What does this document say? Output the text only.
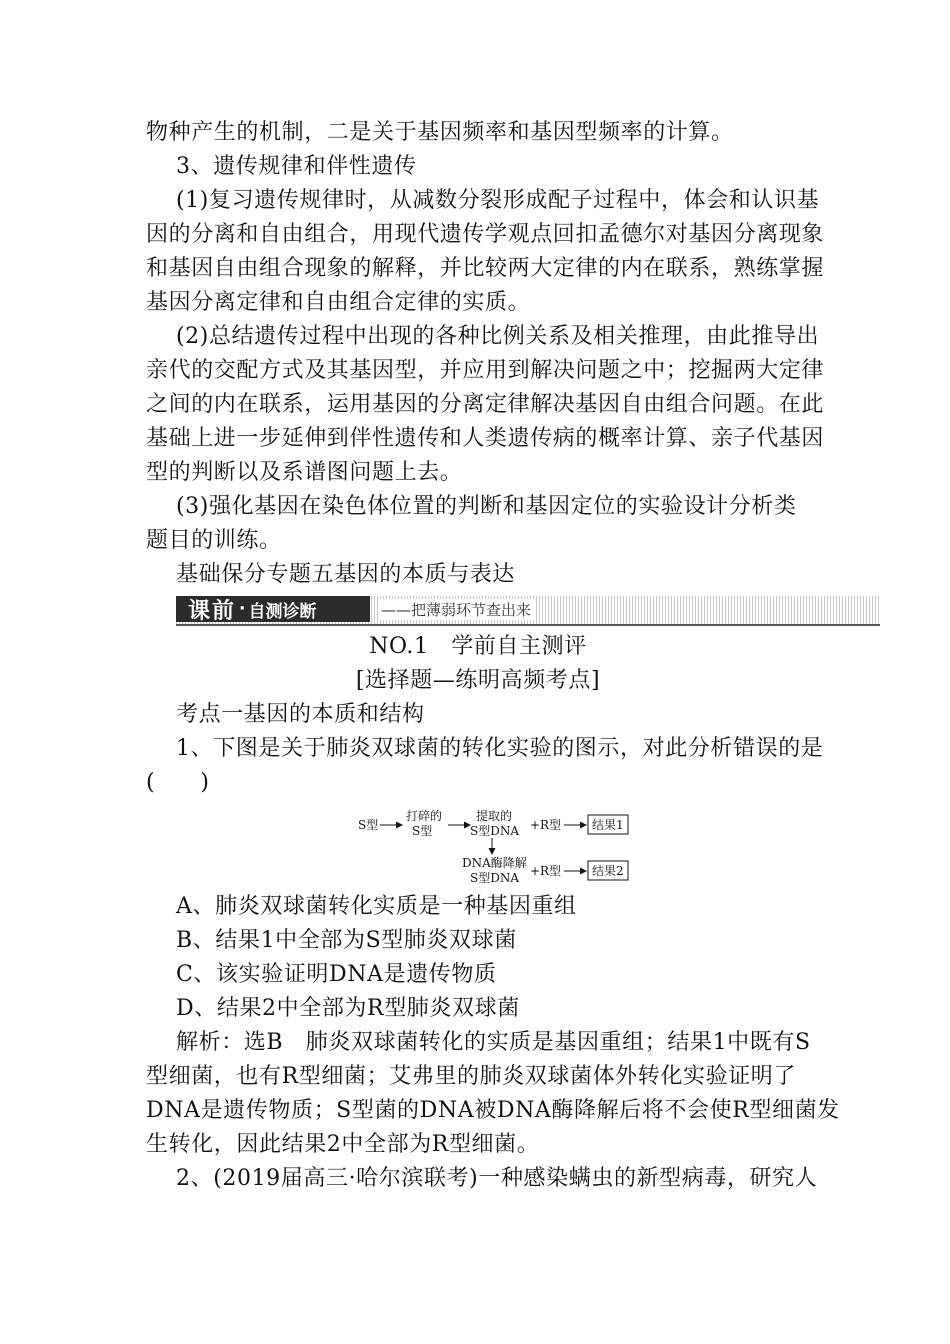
物种产生的机制，二是关于基因频率和基因型频率的计算。
3、遗传规律和伴性遗传
(1)复习遗传规律时，从减数分裂形成配子过程中，体会和认识基
因的分离和自由组合，用现代遗传学观点回扣孟德尔对基因分离现象
和基因自由组合现象的解释，并比较两大定律的内在联系，熟练掌握
基因分离定律和自由组合定律的实质。
(2)总结遗传过程中出现的各种比例关系及相关推理，由此推导出
亲代的交配方式及其基因型，并应用到解决问题之中；挖掘两大定律
之间的内在联系，运用基因的分离定律解决基因自由组合问题。在此
基础上进一步延伸到伴性遗传和人类遗传病的概率计算、亲子代基因
型的判断以及系谱图问题上去。
(3)强化基因在染色体位置的判断和基因定位的实验设计分析类
题目的训练。
基础保分专题五基因的本质与表达
课前 · 自测诊断	——把薄弱环节查出来
NO.1　学前自主测评
[选择题—练明高频考点]
考点一基因的本质和结构
1、下图是关于肺炎双球菌的转化实验的图示，对此分析错误的是
(　　)
S型
打碎的
S型
提取的
S型DNA +R型	结果1
DNA酶降解
S型DNA +R型	结果2
A、肺炎双球菌转化实质是一种基因重组
B、结果1中全部为S型肺炎双球菌
C、该实验证明DNA是遗传物质
D、结果2中全部为R型肺炎双球菌
解析：选B　肺炎双球菌转化的实质是基因重组；结果1中既有S
型细菌，也有R型细菌；艾弗里的肺炎双球菌体外转化实验证明了
DNA是遗传物质；S型菌的DNA被DNA酶降解后将不会使R型细菌发
生转化，因此结果2中全部为R型细菌。
2、(2019届高三·哈尔滨联考)一种感染螨虫的新型病毒，研究人
